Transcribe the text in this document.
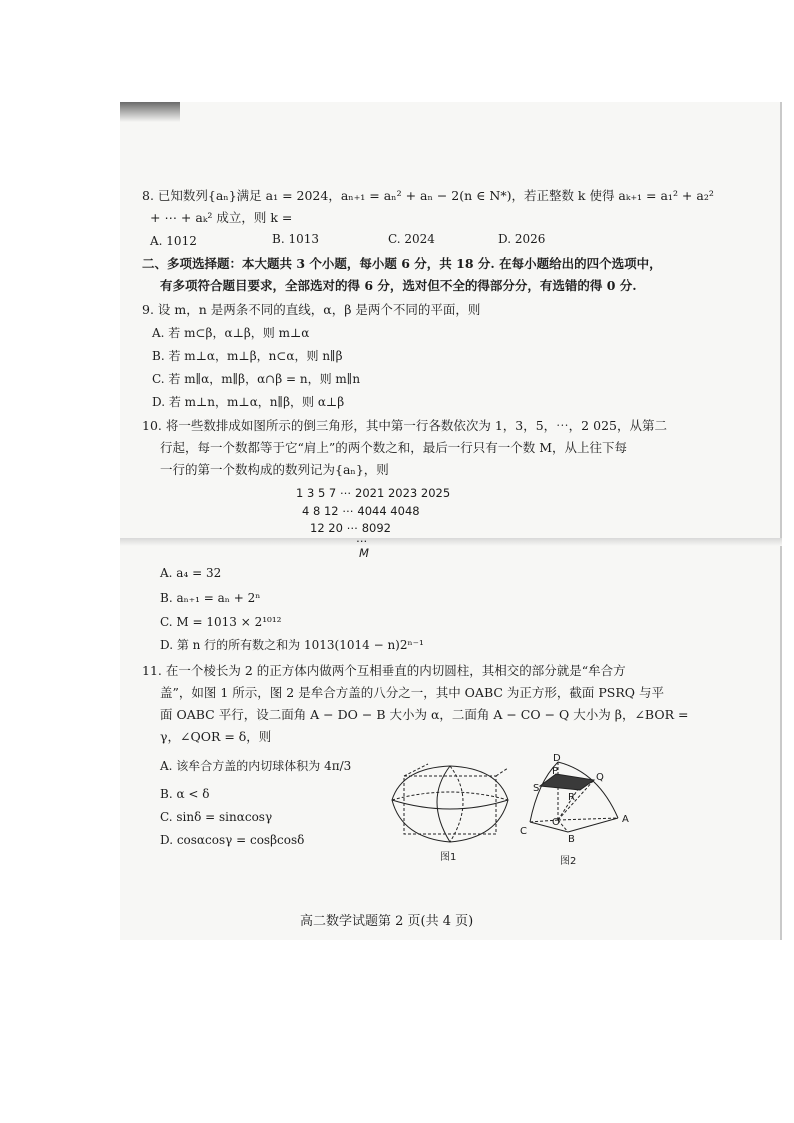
8. 已知数列{aₙ}满足 a₁ = 2024，aₙ₊₁ = aₙ² + aₙ − 2(n ∈ N*)，若正整数 k 使得 aₖ₊₁ = a₁² + a₂²
+ ⋯ + aₖ² 成立，则 k =
A. 1012	B. 1013	C. 2024	D. 2026
二、多项选择题：本大题共 3 个小题，每小题 6 分，共 18 分. 在每小题给出的四个选项中，
有多项符合题目要求，全部选对的得 6 分，选对但不全的得部分分，有选错的得 0 分.
9. 设 m，n 是两条不同的直线，α，β 是两个不同的平面，则
A. 若 m⊂β，α⊥β，则 m⊥α
B. 若 m⊥α，m⊥β，n⊂α，则 n∥β
C. 若 m∥α，m∥β，α∩β = n，则 m∥n
D. 若 m⊥n，m⊥α，n∥β，则 α⊥β
10. 将一些数排成如图所示的倒三角形，其中第一行各数依次为 1，3，5，⋯，2 025，从第二
行起，每一个数都等于它“肩上”的两个数之和，最后一行只有一个数 M，从上往下每
一行的第一个数构成的数列记为{aₙ}，则
1 3 5 7 ⋯ 2021 2023 2025
4 8 12 ⋯ 4044 4048
12 20 ⋯ 8092
⋯
M
A. a₄ = 32
B. aₙ₊₁ = aₙ + 2ⁿ
C. M = 1013 × 2¹⁰¹²
D. 第 n 行的所有数之和为 1013(1014 − n)2ⁿ⁻¹
11. 在一个棱长为 2 的正方体内做两个互相垂直的内切圆柱，其相交的部分就是“牟合方
盖”，如图 1 所示，图 2 是牟合方盖的八分之一，其中 OABC 为正方形，截面 PSRQ 与平
面 OABC 平行，设二面角 A − DO − B 大小为 α，二面角 A − CO − Q 大小为 β，∠BOR =
γ，∠QOR = δ，则
A. 该牟合方盖的内切球体积为 4π/3
B. α < δ
C. sinδ = sinαcosγ
D. cosαcosγ = cosβcosδ
图1
D
P
Q
S
R
O
C
B
A
图2
高二数学试题第 2 页(共 4 页)
